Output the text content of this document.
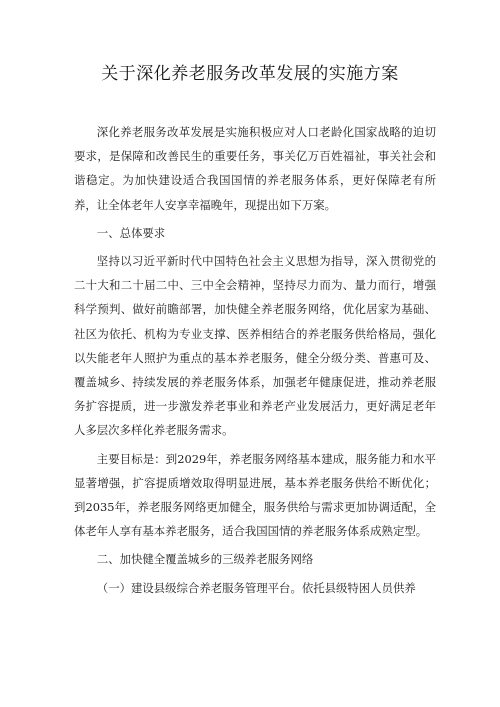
关于深化养老服务改革发展的实施方案

深化养老服务改革发展是实施积极应对人口老龄化国家战略的迫切要求，是保障和改善民生的重要任务，事关亿万百姓福祉，事关社会和谐稳定。为加快建设适合我国国情的养老服务体系，更好保障老有所养，让全体老年人安享幸福晚年，现提出如下万案。

一、总体要求

坚持以习近平新时代中国特色社会主义思想为指导，深入贯彻党的二十大和二十届二中、三中全会精神，坚持尽力而为、量力而行，增强科学预判、做好前瞻部署，加快健全养老服务网络，优化居家为基础、社区为依托、机构为专业支撑、医养相结合的养老服务供给格局，强化以失能老年人照护为重点的基本养老服务，健全分级分类、普惠可及、覆盖城乡、持续发展的养老服务体系，加强老年健康促进，推动养老服务扩容提质，进一步激发养老事业和养老产业发展活力，更好满足老年人多层次多样化养老服务需求。

主要目标是：到2029年，养老服务网络基本建成，服务能力和水平显著增强，扩容提质增效取得明显进展，基本养老服务供给不断优化；到2035年，养老服务网络更加健全，服务供给与需求更加协调适配，全体老年人享有基本养老服务，适合我国国情的养老服务体系成熟定型。

二、加快健全覆盖城乡的三级养老服务网络

（一）建设县级综合养老服务管理平台。依托县级特困人员供养
